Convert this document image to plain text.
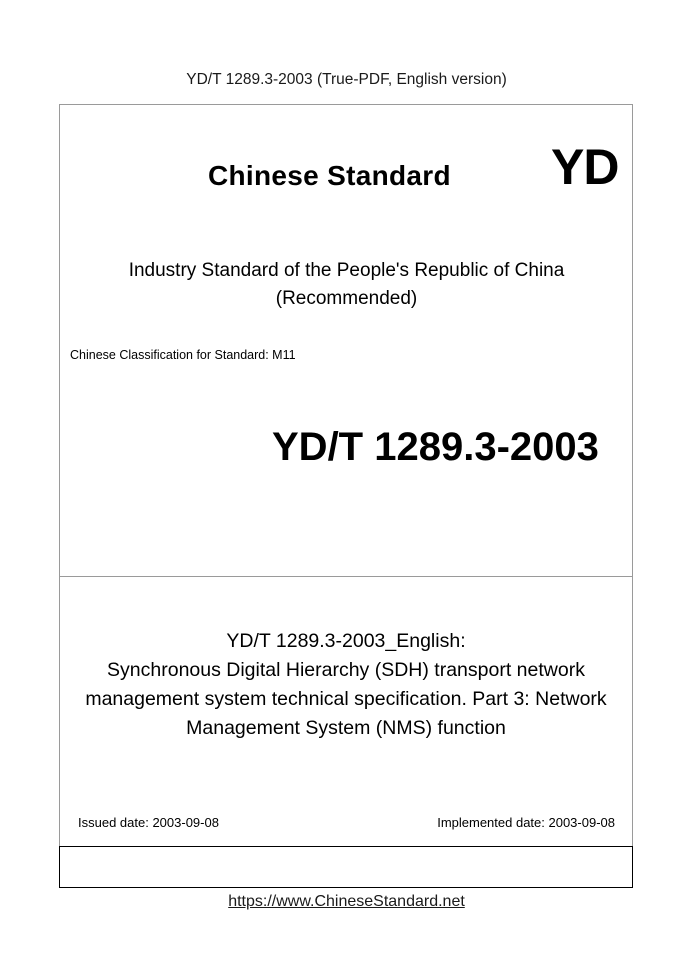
YD/T 1289.3-2003 (True-PDF, English version)
Chinese Standard YD
Industry Standard of the People's Republic of China
(Recommended)
Chinese Classification for Standard: M11
YD/T 1289.3-2003
YD/T 1289.3-2003_English:
Synchronous Digital Hierarchy (SDH) transport network
management system technical specification. Part 3: Network
Management System (NMS) function
Issued date: 2003-09-08	Implemented date: 2003-09-08
https://www.ChineseStandard.net
